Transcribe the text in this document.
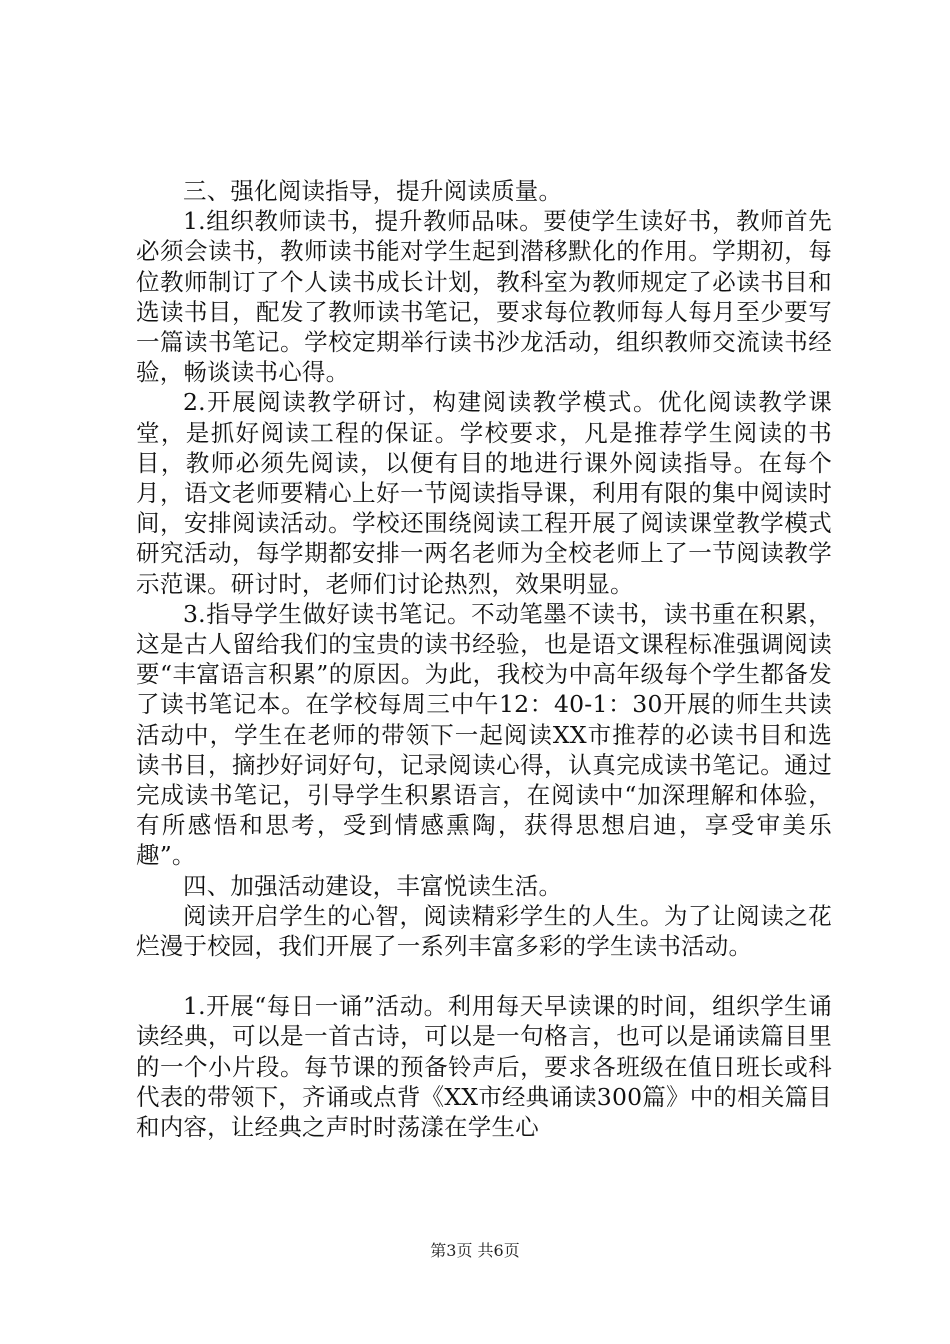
三、强化阅读指导，提升阅读质量。

1.组织教师读书，提升教师品味。要使学生读好书，教师首先必须会读书，教师读书能对学生起到潜移默化的作用。学期初，每位教师制订了个人读书成长计划，教科室为教师规定了必读书目和选读书目，配发了教师读书笔记，要求每位教师每人每月至少要写一篇读书笔记。学校定期举行读书沙龙活动，组织教师交流读书经验，畅谈读书心得。

2.开展阅读教学研讨，构建阅读教学模式。优化阅读教学课堂，是抓好阅读工程的保证。学校要求，凡是推荐学生阅读的书目，教师必须先阅读，以便有目的地进行课外阅读指导。在每个月，语文老师要精心上好一节阅读指导课，利用有限的集中阅读时间，安排阅读活动。学校还围绕阅读工程开展了阅读课堂教学模式研究活动，每学期都安排一两名老师为全校老师上了一节阅读教学示范课。研讨时，老师们讨论热烈，效果明显。

3.指导学生做好读书笔记。不动笔墨不读书，读书重在积累，这是古人留给我们的宝贵的读书经验，也是语文课程标准强调阅读要“丰富语言积累”的原因。为此，我校为中高年级每个学生都备发了读书笔记本。在学校每周三中午12：40-1：30开展的师生共读活动中，学生在老师的带领下一起阅读XX市推荐的必读书目和选读书目，摘抄好词好句，记录阅读心得，认真完成读书笔记。通过完成读书笔记，引导学生积累语言，在阅读中“加深理解和体验，有所感悟和思考，受到情感熏陶，获得思想启迪，享受审美乐趣”。

四、加强活动建设，丰富悦读生活。

阅读开启学生的心智，阅读精彩学生的人生。为了让阅读之花烂漫于校园，我们开展了一系列丰富多彩的学生读书活动。

1.开展“每日一诵”活动。利用每天早读课的时间，组织学生诵读经典，可以是一首古诗，可以是一句格言，也可以是诵读篇目里的一个小片段。每节课的预备铃声后，要求各班级在值日班长或科代表的带领下，齐诵或点背《XX市经典诵读300篇》中的相关篇目和内容，让经典之声时时荡漾在学生心

第3页 共6页
